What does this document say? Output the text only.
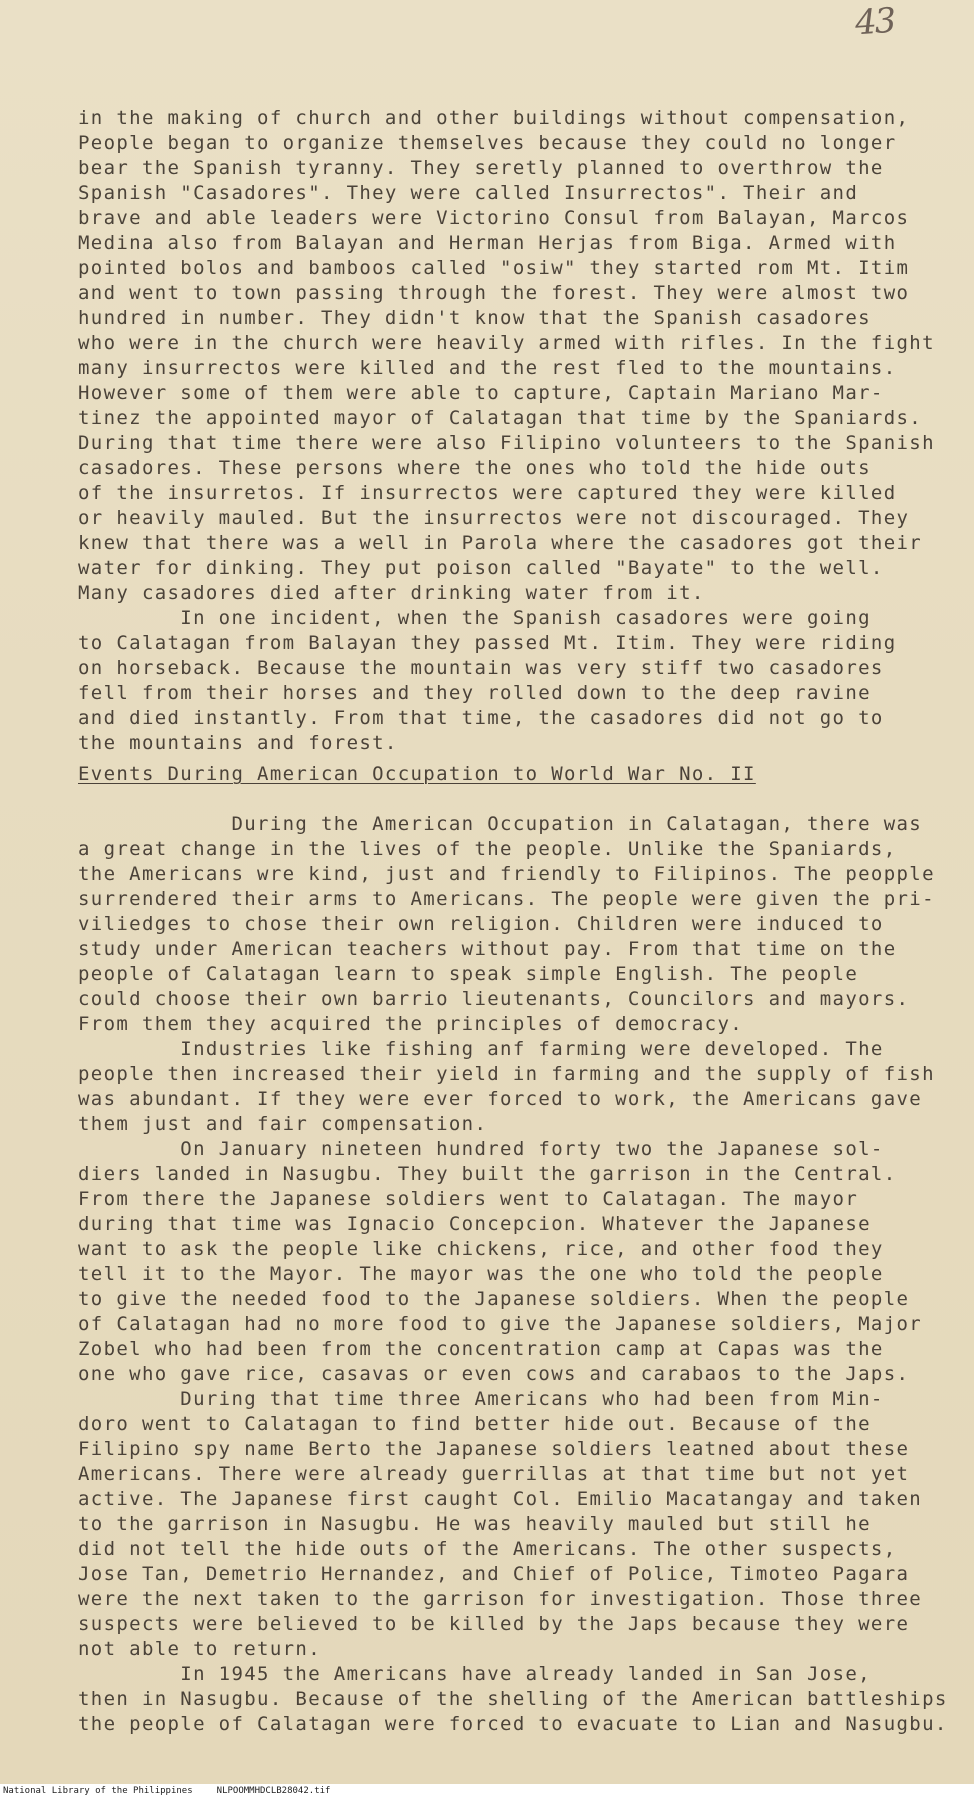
43
in the making of church and other buildings without compensation,
People began to organize themselves because they could no longer
bear the Spanish tyranny. They seretly planned to overthrow the
Spanish "Casadores". They were called Insurrectos". Their and
brave and able leaders were Victorino Consul from Balayan, Marcos
Medina also from Balayan and Herman Herjas from Biga. Armed with
pointed bolos and bamboos called "osiw" they started rom Mt. Itim
and went to town passing through the forest. They were almost two
hundred in number. They didn't know that the Spanish casadores
who were in the church were heavily armed with rifles. In the fight
many insurrectos were killed and the rest fled to the mountains.
However some of them were able to capture, Captain Mariano Mar-
tinez the appointed mayor of Calatagan that time by the Spaniards.
During that time there were also Filipino volunteers to the Spanish
casadores. These persons where the ones who told the hide outs
of the insurretos. If insurrectos were captured they were killed
or heavily mauled. But the insurrectos were not discouraged. They
knew that there was a well in Parola where the casadores got their
water for dinking. They put poison called "Bayate" to the well.
Many casadores died after drinking water from it.
In one incident, when the Spanish casadores were going
to Calatagan from Balayan they passed Mt. Itim. They were riding
on horseback. Because the mountain was very stiff two casadores
fell from their horses and they rolled down to the deep ravine
and died instantly. From that time, the casadores did not go to
the mountains and forest.
Events During American Occupation to World War No. II
During the American Occupation in Calatagan, there was
a great change in the lives of the people. Unlike the Spaniards,
the Americans wre kind, just and friendly to Filipinos. The peopple
surrendered their arms to Americans. The people were given the pri-
viliedges to chose their own religion. Children were induced to
study under American teachers without pay. From that time on the
people of Calatagan learn to speak simple English. The people
could choose their own barrio lieutenants, Councilors and mayors.
From them they acquired the principles of democracy.
Industries like fishing anf farming were developed. The
people then increased their yield in farming and the supply of fish
was abundant. If they were ever forced to work, the Americans gave
them just and fair compensation.
On January nineteen hundred forty two the Japanese sol-
diers landed in Nasugbu. They built the garrison in the Central.
From there the Japanese soldiers went to Calatagan. The mayor
during that time was Ignacio Concepcion. Whatever the Japanese
want to ask the people like chickens, rice, and other food they
tell it to the Mayor. The mayor was the one who told the people
to give the needed food to the Japanese soldiers. When the people
of Calatagan had no more food to give the Japanese soldiers, Major
Zobel who had been from the concentration camp at Capas was the
one who gave rice, casavas or even cows and carabaos to the Japs.
During that time three Americans who had been from Min-
doro went to Calatagan to find better hide out. Because of the
Filipino spy name Berto the Japanese soldiers leatned about these
Americans. There were already guerrillas at that time but not yet
active. The Japanese first caught Col. Emilio Macatangay and taken
to the garrison in Nasugbu. He was heavily mauled but still he
did not tell the hide outs of the Americans. The other suspects,
Jose Tan, Demetrio Hernandez, and Chief of Police, Timoteo Pagara
were the next taken to the garrison for investigation. Those three
suspects were believed to be killed by the Japs because they were
not able to return.
In 1945 the Americans have already landed in San Jose,
then in Nasugbu. Because of the shelling of the American battleships
the people of Calatagan were forced to evacuate to Lian and Nasugbu.
National Library of the Philippines	NLPOOMMHDCLB28042.tif
